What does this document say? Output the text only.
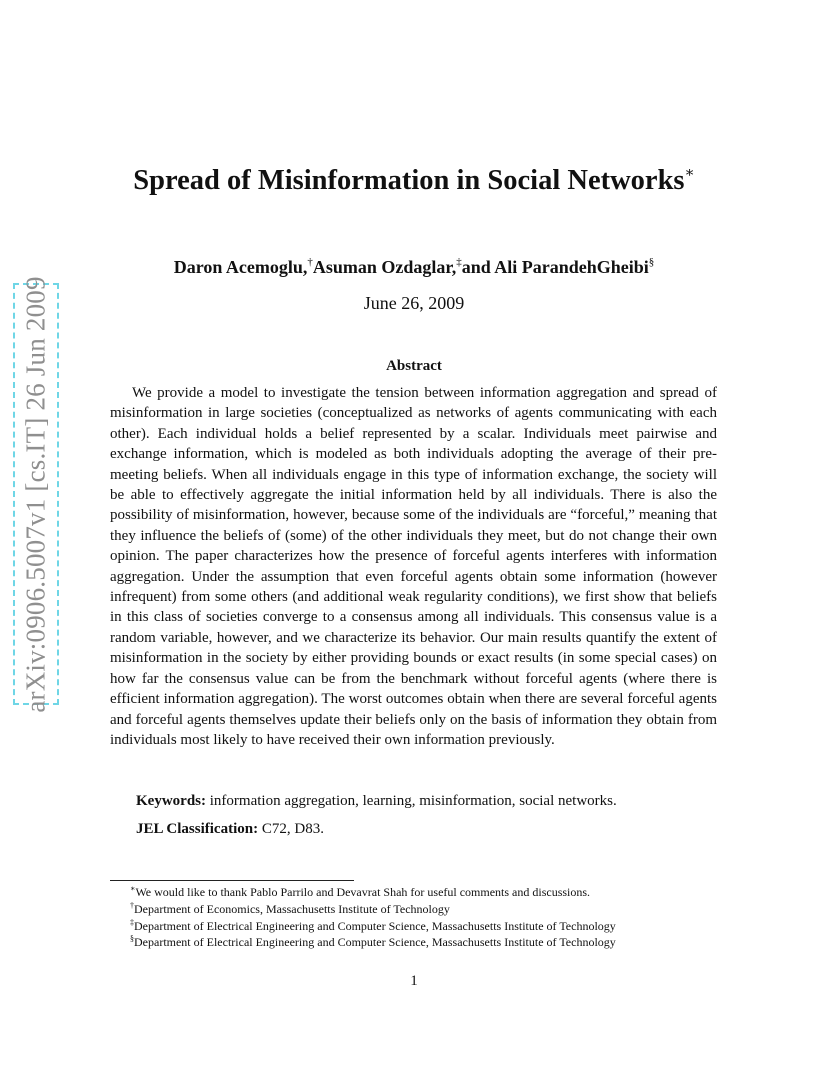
arXiv:0906.5007v1 [cs.IT] 26 Jun 2009
Spread of Misinformation in Social Networks∗
Daron Acemoglu,†Asuman Ozdaglar,‡and Ali ParandehGheibi§
June 26, 2009
Abstract

We provide a model to investigate the tension between information aggregation and spread of misinformation in large societies (conceptualized as networks of agents communicating with each other). Each individual holds a belief represented by a scalar. Individuals meet pairwise and exchange information, which is modeled as both individuals adopting the average of their pre-meeting beliefs. When all individuals engage in this type of information exchange, the society will be able to effectively aggregate the initial information held by all individuals. There is also the possibility of misinformation, however, because some of the individuals are “forceful,” meaning that they influence the beliefs of (some) of the other individuals they meet, but do not change their own opinion. The paper characterizes how the presence of forceful agents interferes with information aggregation. Under the assumption that even forceful agents obtain some information (however infrequent) from some others (and additional weak regularity conditions), we first show that beliefs in this class of societies converge to a consensus among all individuals. This consensus value is a random variable, however, and we characterize its behavior. Our main results quantify the extent of misinformation in the society by either providing bounds or exact results (in some special cases) on how far the consensus value can be from the benchmark without forceful agents (where there is efficient information aggregation). The worst outcomes obtain when there are several forceful agents and forceful agents themselves update their beliefs only on the basis of information they obtain from individuals most likely to have received their own information previously.

Keywords: information aggregation, learning, misinformation, social networks.
JEL Classification: C72, D83.
∗We would like to thank Pablo Parrilo and Devavrat Shah for useful comments and discussions.
†Department of Economics, Massachusetts Institute of Technology
‡Department of Electrical Engineering and Computer Science, Massachusetts Institute of Technology
§Department of Electrical Engineering and Computer Science, Massachusetts Institute of Technology
1
